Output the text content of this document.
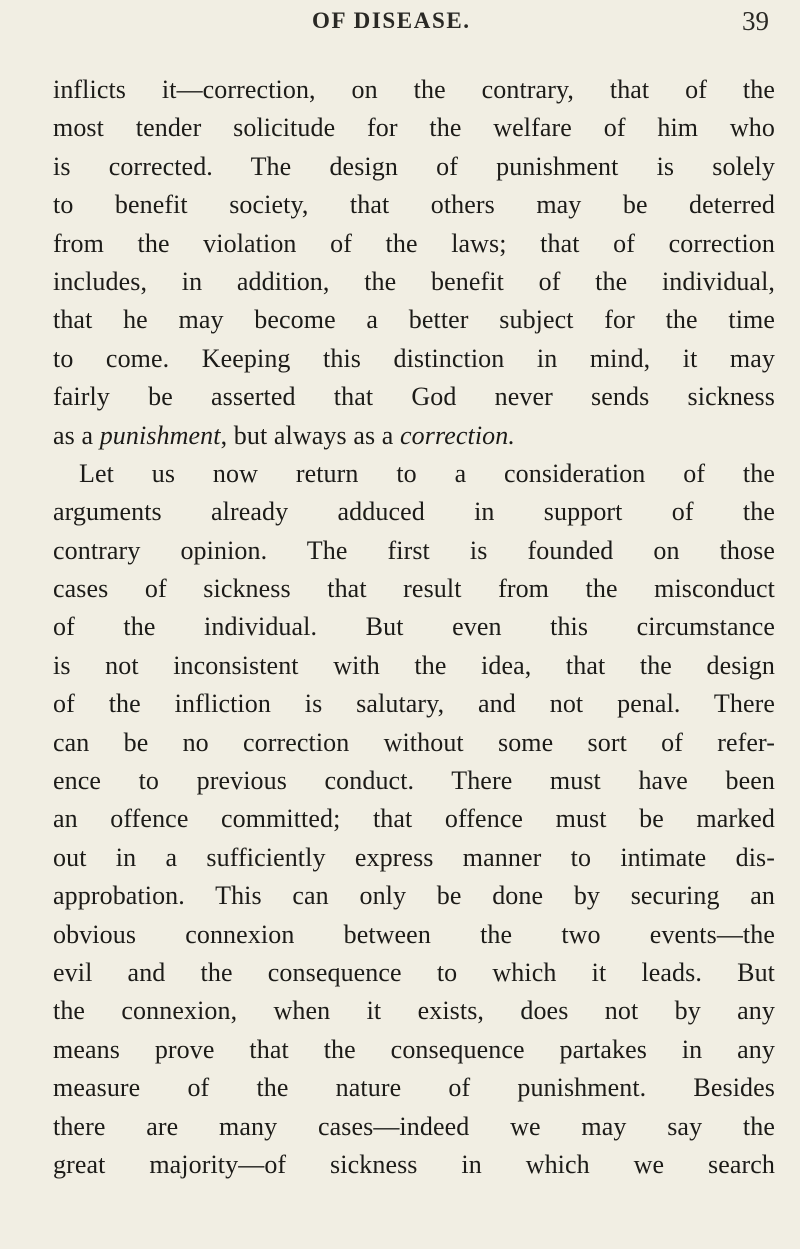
OF DISEASE.	39
inflicts it—correction, on the contrary, that of the
most tender solicitude for the welfare of him who
is corrected. The design of punishment is solely
to benefit society, that others may be deterred
from the violation of the laws; that of correction
includes, in addition, the benefit of the individual,
that he may become a better subject for the time
to come. Keeping this distinction in mind, it may
fairly be asserted that God never sends sickness
as a punishment, but always as a correction.
Let us now return to a consideration of the
arguments already adduced in support of the
contrary opinion. The first is founded on those
cases of sickness that result from the misconduct
of the individual. But even this circumstance
is not inconsistent with the idea, that the design
of the infliction is salutary, and not penal. There
can be no correction without some sort of refer-
ence to previous conduct. There must have been
an offence committed; that offence must be marked
out in a sufficiently express manner to intimate dis-
approbation. This can only be done by securing an
obvious connexion between the two events—the
evil and the consequence to which it leads. But
the connexion, when it exists, does not by any
means prove that the consequence partakes in any
measure of the nature of punishment. Besides
there are many cases—indeed we may say the
great majority—of sickness in which we search
